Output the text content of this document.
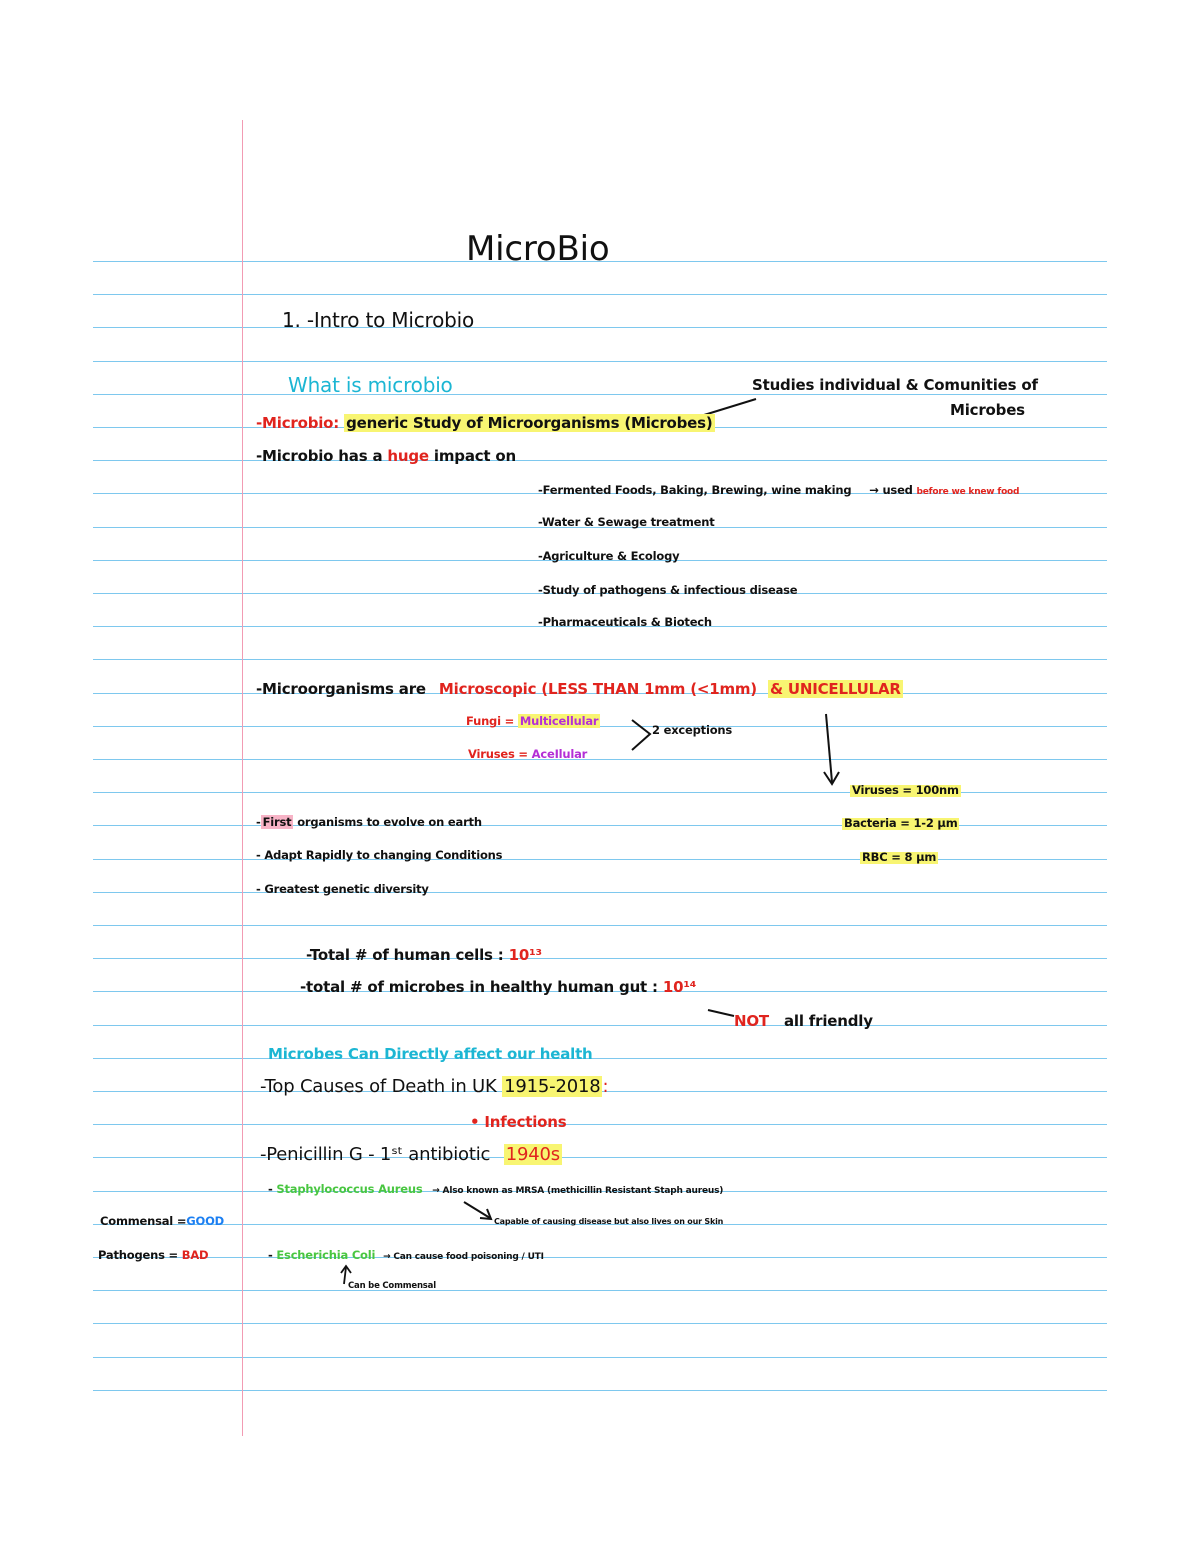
MicroBio
1. -Intro to Microbio
What is microbio	Studies individual & Comunities of
Microbes
-Microbio: generic Study of Microorganisms (Microbes)
-Microbio has a huge impact on
-Fermented Foods, Baking, Brewing, wine making → used before we knew food
-Water & Sewage treatment
-Agriculture & Ecology
-Study of pathogens & infectious disease
-Pharmaceuticals & Biotech
-Microorganisms are Microscopic (LESS THAN 1mm (<1mm) & UNICELLULAR
Fungi = Multicellular
Viruses = AceIlular
2 exceptions
Viruses = 100nm
Bacteria = 1-2 µm
RBC = 8 µm
- First organisms to evolve on earth
- Adapt Rapidly to changing Conditions
- Greatest genetic diversity
-Total # of human cells : 10¹³
-total # of microbes in healthy human gut : 10¹⁴
NOT all friendly
Microbes Can Directly affect our health
-Top Causes of Death in UK 1915-2018 :
• Infections
-Penicillin G - 1ˢᵗ antibiotic 1940s
- Staphylococcus Aureus → Also known as MRSA (methicillin Resistant Staph aureus)
Capable of causing disease but also lives on our Skin
- Escherichia Coli → Can cause food poisoning / UTI
Can be Commensal
Commensal =GOOD
Pathogens = BAD
